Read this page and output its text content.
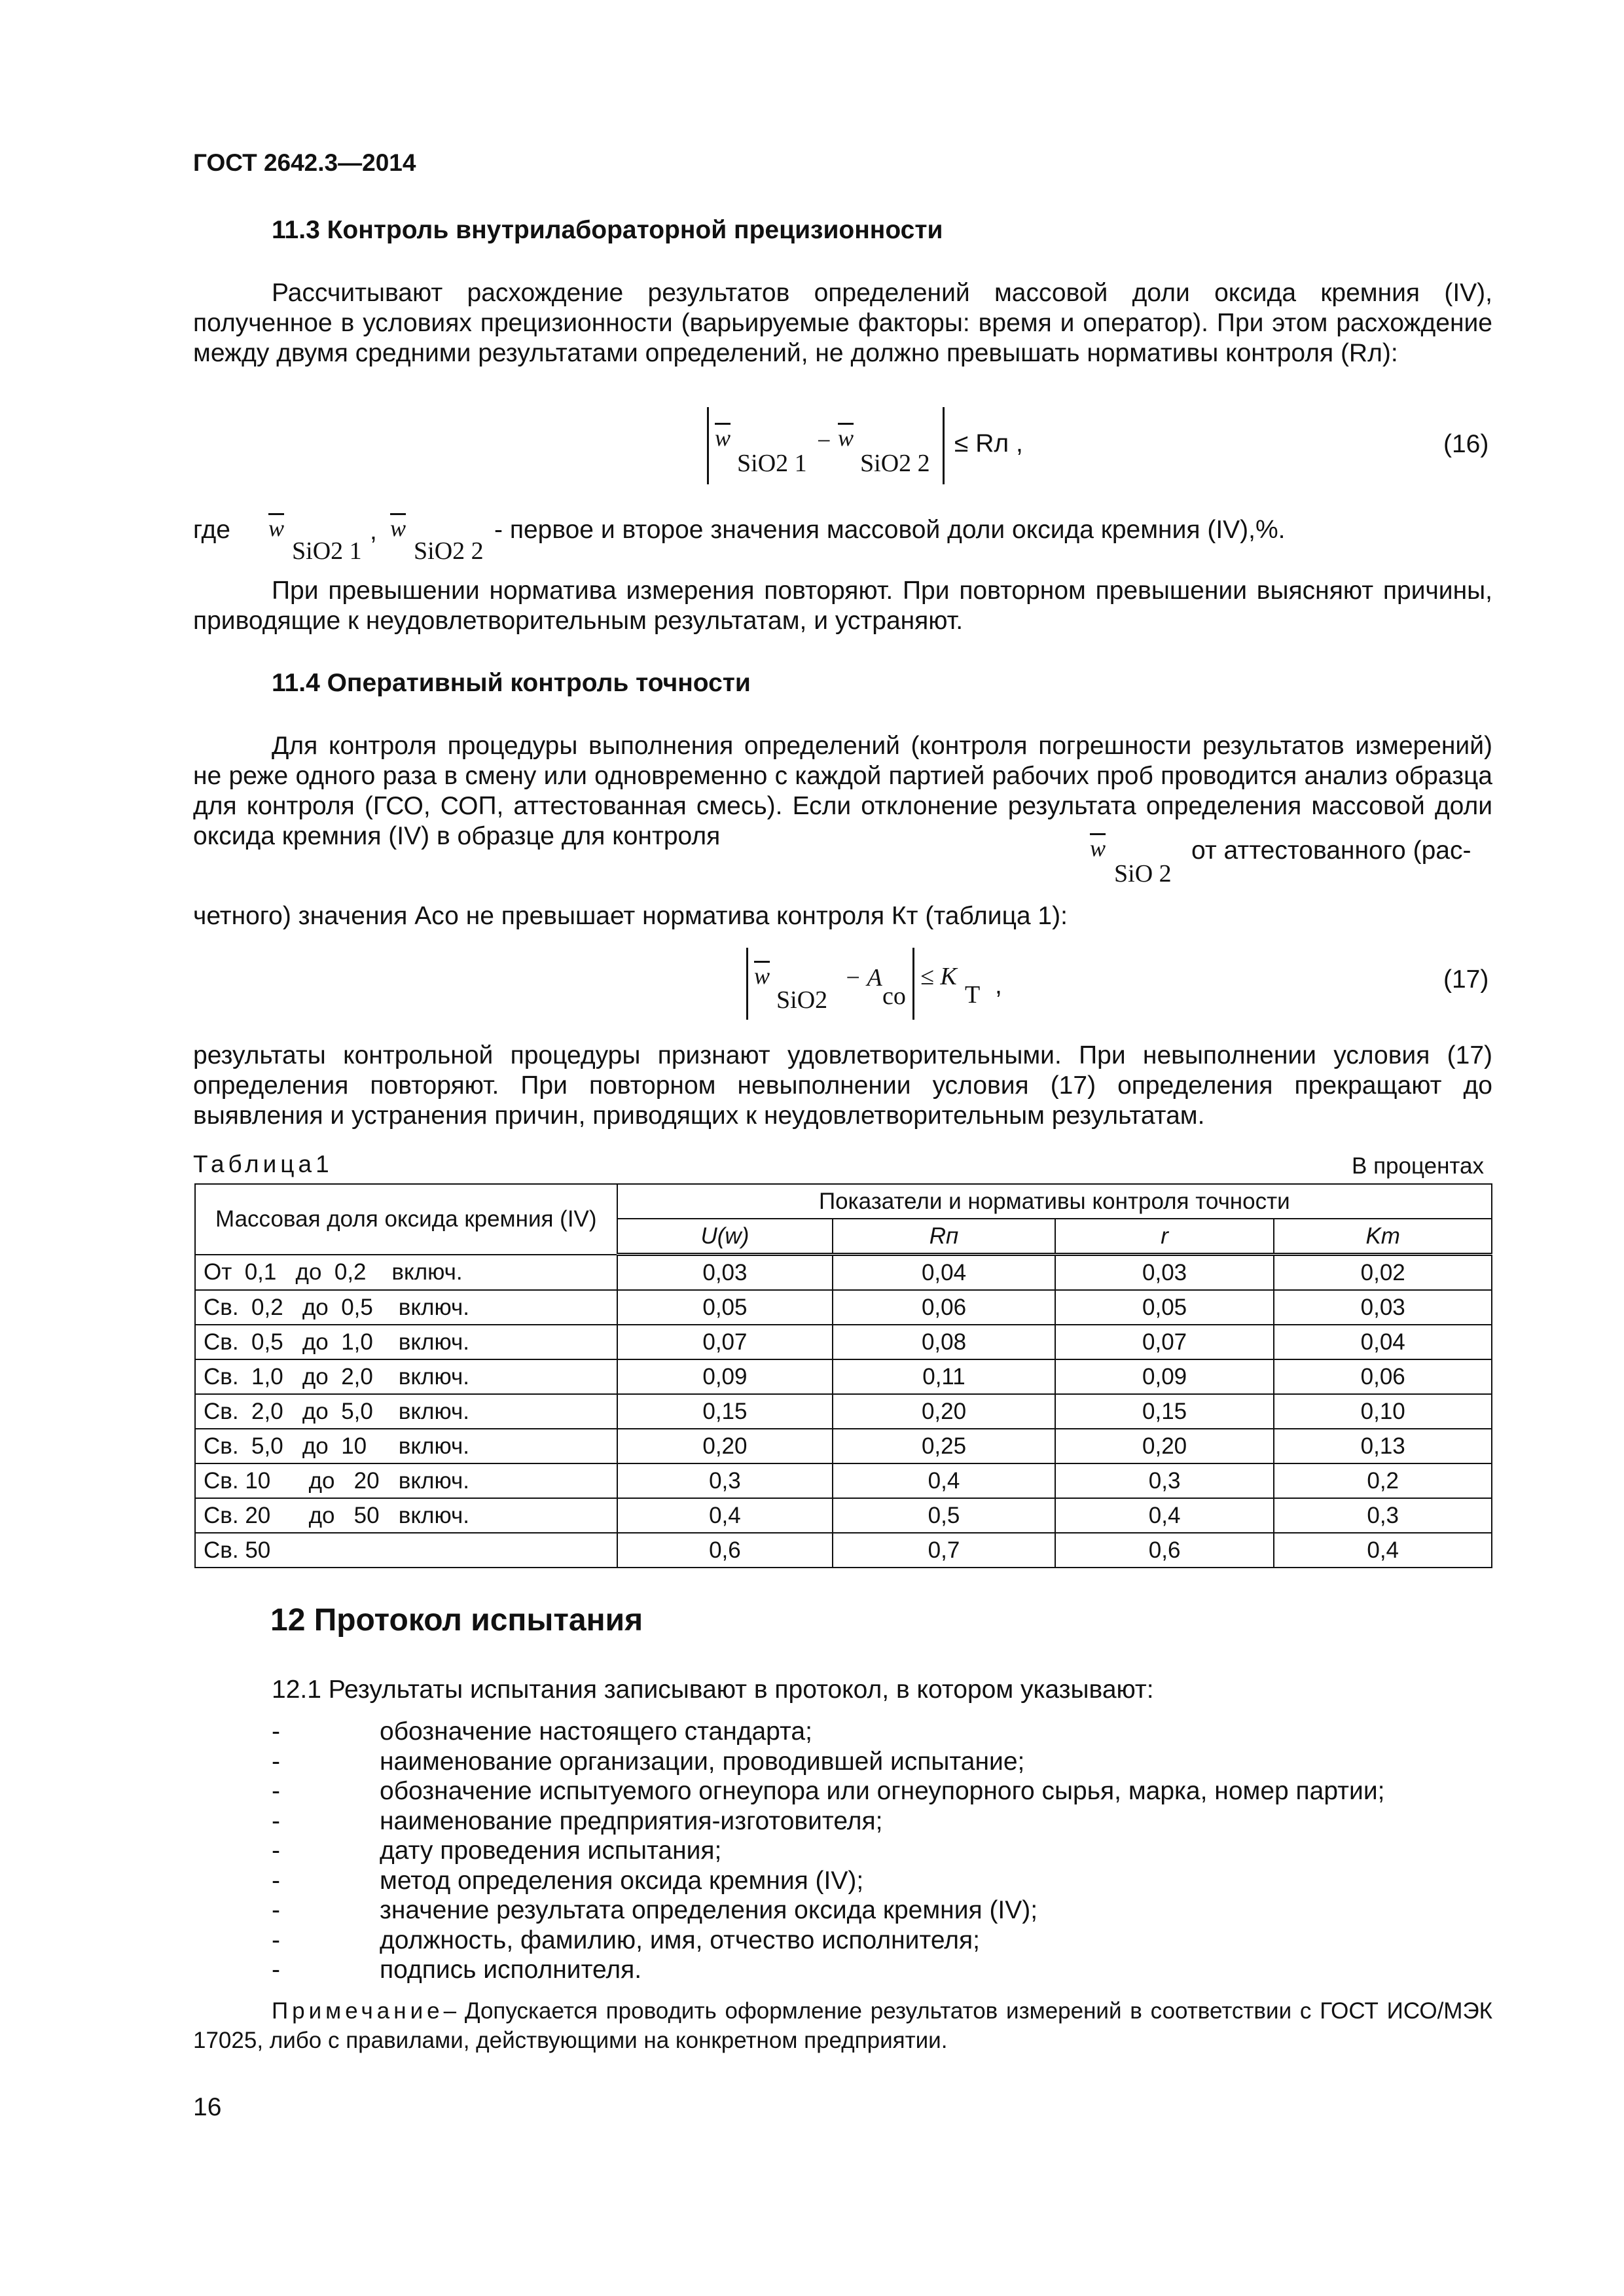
ГОСТ 2642.3—2014
11.3 Контроль внутрилабораторной прецизионности

Рассчитывают расхождение результатов определений массовой доли оксида кремния (IV), полученное в условиях прецизионности (варьируемые факторы: время и оператор). При этом расхождение между двумя средними результатами определений, не должно превышать нормативы контроля (Rл):

$\overline{w}$
SiO2 1
− $\overline{w}$
SiO2 2
≤ Rл ,	(16)
где $\overline{w}$
SiO2 1
, $\overline{w}$
SiO2 2
- первое и второе значения массовой доли оксида кремния (IV),%.

При превышении норматива измерения повторяют. При повторном превышении выясняют причины, приводящие к неудовлетворительным результатам, и устраняют.

11.4 Оперативный контроль точности

Для контроля процедуры выполнения определений (контроля погрешности результатов измерений) не реже одного раза в смену или одновременно с каждой партией рабочих проб проводится анализ образца для контроля (ГСО, СОП, аттестованная смесь). Если отклонение результата определения массовой доли оксида кремния (IV) в образце для контроля	$\overline{w}$
SiO 2
от аттестованного (рас-
четного) значения Aсо не превышает норматива контроля Кт (таблица 1):
$\overline{w}$
SiO2
− A
co
≤ K
T ,	(17)

результаты контрольной процедуры признают удовлетворительными. При невыполнении условия (17) определения повторяют. При повторном невыполнении условия (17) определения прекращают до выявления и устранения причин, приводящих к неудовлетворительным результатам.

Таблица1	В процентах
Массовая доля оксида кремния (IV)	Показатели и нормативы контроля точности			
	U(w)	Rп	r	Kт
От  0,1   до  0,2    включ.	0,03	0,04	0,03	0,02
Св.  0,2   до  0,5    включ.	0,05	0,06	0,05	0,03
Св.  0,5   до  1,0    включ.	0,07	0,08	0,07	0,04
Св.  1,0   до  2,0    включ.	0,09	0,11	0,09	0,06
Св.  2,0   до  5,0    включ.	0,15	0,20	0,15	0,10
Св.  5,0   до  10     включ.	0,20	0,25	0,20	0,13
Св. 10      до   20   включ.	0,3	0,4	0,3	0,2
Св. 20      до   50   включ.	0,4	0,5	0,4	0,3
Св. 50	0,6	0,7	0,6	0,4
12 Протокол испытания
12.1 Результаты испытания записывают в протокол, в котором указывают:
-	обозначение настоящего стандарта;
-	наименование организации, проводившей испытание;
-	обозначение испытуемого огнеупора или огнеупорного сырья, марка, номер партии;
-	наименование предприятия-изготовителя;
-	дату проведения испытания;
-	метод определения оксида кремния (IV);
-	значение результата определения оксида кремния (IV);
-	должность, фамилию, имя, отчество исполнителя;
-	подпись исполнителя.
Примечание– Допускается проводить оформление результатов измерений в соответствии с ГОСТ ИСО/МЭК 17025, либо с правилами, действующими на конкретном предприятии.
16
